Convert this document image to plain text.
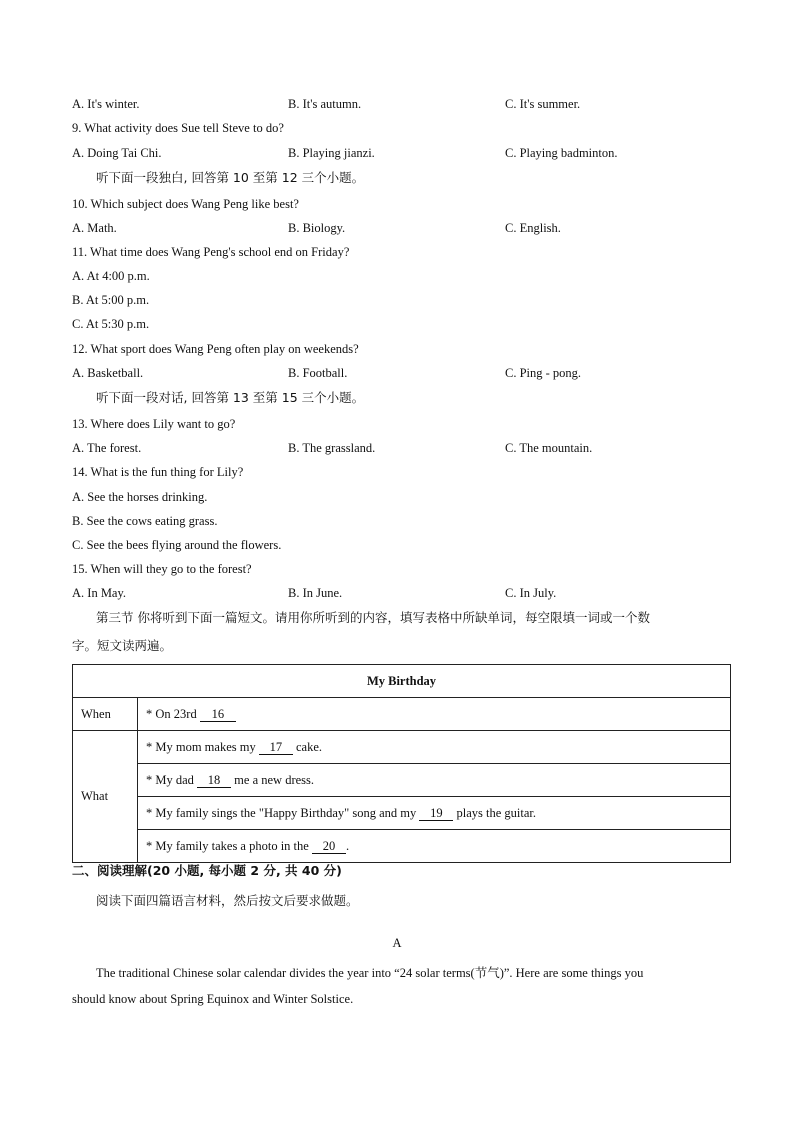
A. It's winter.	B. It's autumn.	C. It's summer.
9. What activity does Sue tell Steve to do?
A. Doing Tai Chi.	B. Playing jianzi.	C. Playing badminton.
听下面一段独白, 回答第 10 至第 12 三个小题。
10. Which subject does Wang Peng like best?
A. Math.	B. Biology.	C. English.
11. What time does Wang Peng's school end on Friday?
A. At 4:00 p.m.
B. At 5:00 p.m.
C. At 5:30 p.m.
12. What sport does Wang Peng often play on weekends?
A. Basketball.	B. Football.	C. Ping - pong.
听下面一段对话, 回答第 13 至第 15 三个小题。
13. Where does Lily want to go?
A. The forest.	B. The grassland.	C. The mountain.
14. What is the fun thing for Lily?
A. See the horses drinking.
B. See the cows eating grass.
C. See the bees flying around the flowers.
15. When will they go to the forest?
A. In May.	B. In June.	C. In July.
第三节 你将听到下面一篇短文。请用你所听到的内容，填写表格中所缺单词，每空限填一词或一个数
字。短文读两遍。
My Birthday	
When	* On 23rd 16
What	* My mom makes my 17 cake.
	* My dad 18 me a new dress.
	* My family sings the "Happy Birthday" song and my 19 plays the guitar.
	* My family takes a photo in the 20 .
二、阅读理解(20 小题, 每小题 2 分, 共 40 分)
阅读下面四篇语言材料，然后按文后要求做题。
A
The traditional Chinese solar calendar divides the year into “24 solar terms(节气)”. Here are some things you
should know about Spring Equinox and Winter Solstice.
